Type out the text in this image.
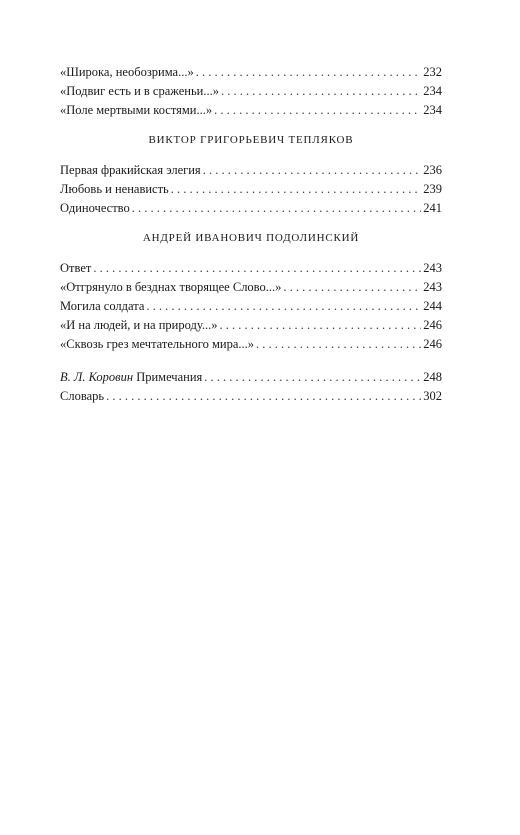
«Широка, необозрима...» . . .	232
«Подвиг есть и в сраженьи...» . . .	234
«Поле мертвыми костями...» . . .	234
ВИКТОР ГРИГОРЬЕВИЧ ТЕПЛЯКОВ
Первая фракийская элегия . . .	236
Любовь и ненависть . . .	239
Одиночество . . .	241
АНДРЕЙ ИВАНОВИЧ ПОДОЛИНСКИЙ
Ответ . . .	243
«Отгрянуло в безднах творящее Слово...» . . .	243
Могила солдата . . .	244
«И на людей, и на природу...» . . .	246
«Сквозь грез мечтательного мира...» . . .	246
В. Л. Коровин Примечания . . .	248
Словарь . . .	302
